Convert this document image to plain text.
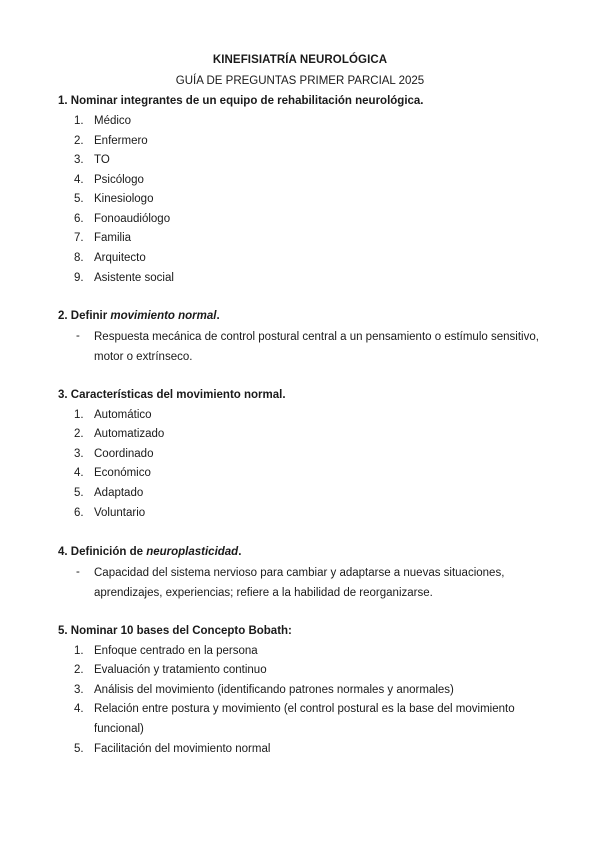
KINEFISIATRÍA NEUROLÓGICA
GUÍA DE PREGUNTAS PRIMER PARCIAL 2025
1. Nominar integrantes de un equipo de rehabilitación neurológica.
1. Médico
2. Enfermero
3. TO
4. Psicólogo
5. Kinesiologo
6. Fonoaudiólogo
7. Familia
8. Arquitecto
9. Asistente social
2. Definir movimiento normal.
- Respuesta mecánica de control postural central a un pensamiento o estímulo sensitivo,
motor o extrínseco.
3. Características del movimiento normal.
1. Automático
2. Automatizado
3. Coordinado
4. Económico
5. Adaptado
6. Voluntario
4. Definición de neuroplasticidad.
- Capacidad del sistema nervioso para cambiar y adaptarse a nuevas situaciones,
aprendizajes, experiencias; refiere a la habilidad de reorganizarse.
5. Nominar 10 bases del Concepto Bobath:
1. Enfoque centrado en la persona
2. Evaluación y tratamiento continuo
3. Análisis del movimiento (identificando patrones normales y anormales)
4. Relación entre postura y movimiento (el control postural es la base del movimiento
funcional)
5. Facilitación del movimiento normal
